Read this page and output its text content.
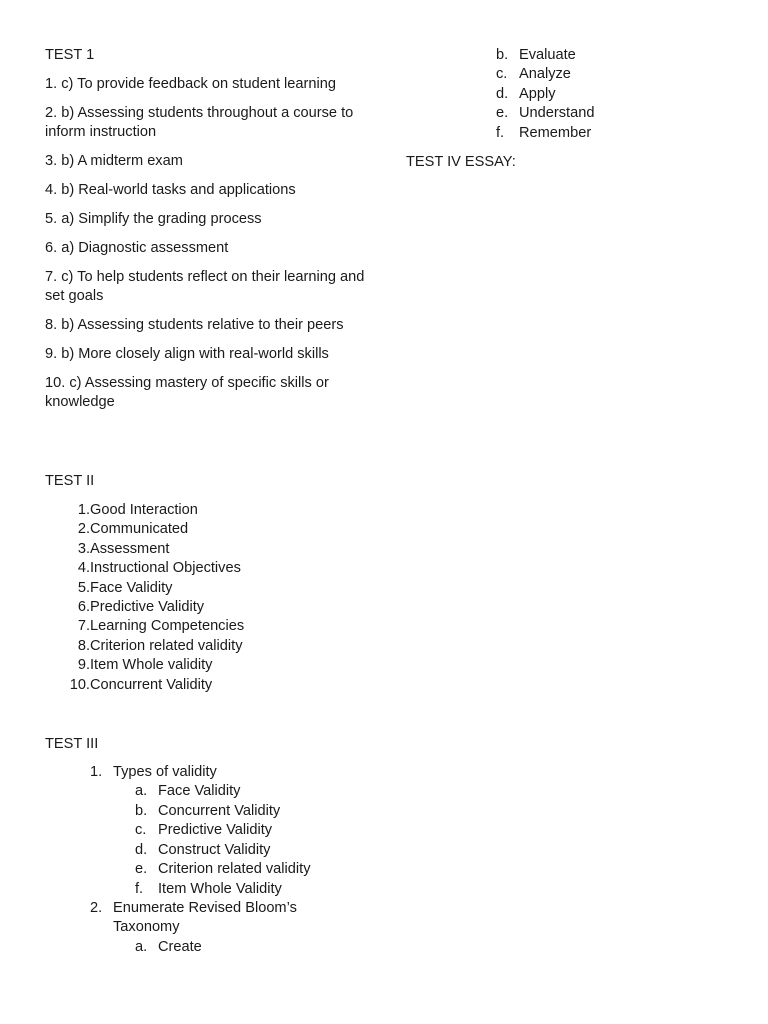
TEST 1

1. c) To provide feedback on student learning

2. b) Assessing students throughout a course to inform instruction

3. b) A midterm exam

4. b) Real-world tasks and applications

5. a) Simplify the grading process

6. a) Diagnostic assessment

7. c) To help students reflect on their learning and set goals

8. b) Assessing students relative to their peers

9. b) More closely align with real-world skills

10. c) Assessing mastery of specific skills or knowledge

TEST II

1.Good Interaction
2.Communicated
3.Assessment
4.Instructional Objectives
5.Face Validity
6.Predictive Validity
7.Learning Competencies
8.Criterion related validity
9.Item Whole validity
10.Concurrent Validity

TEST III

1. Types of validity
a. Face Validity
b. Concurrent Validity
c. Predictive Validity
d. Construct Validity
e. Criterion related validity
f. Item Whole Validity
2. Enumerate Revised Bloom’s Taxonomy
a. Create
b. Evaluate
c. Analyze
d. Apply
e. Understand
f. Remember

TEST IV ESSAY:
